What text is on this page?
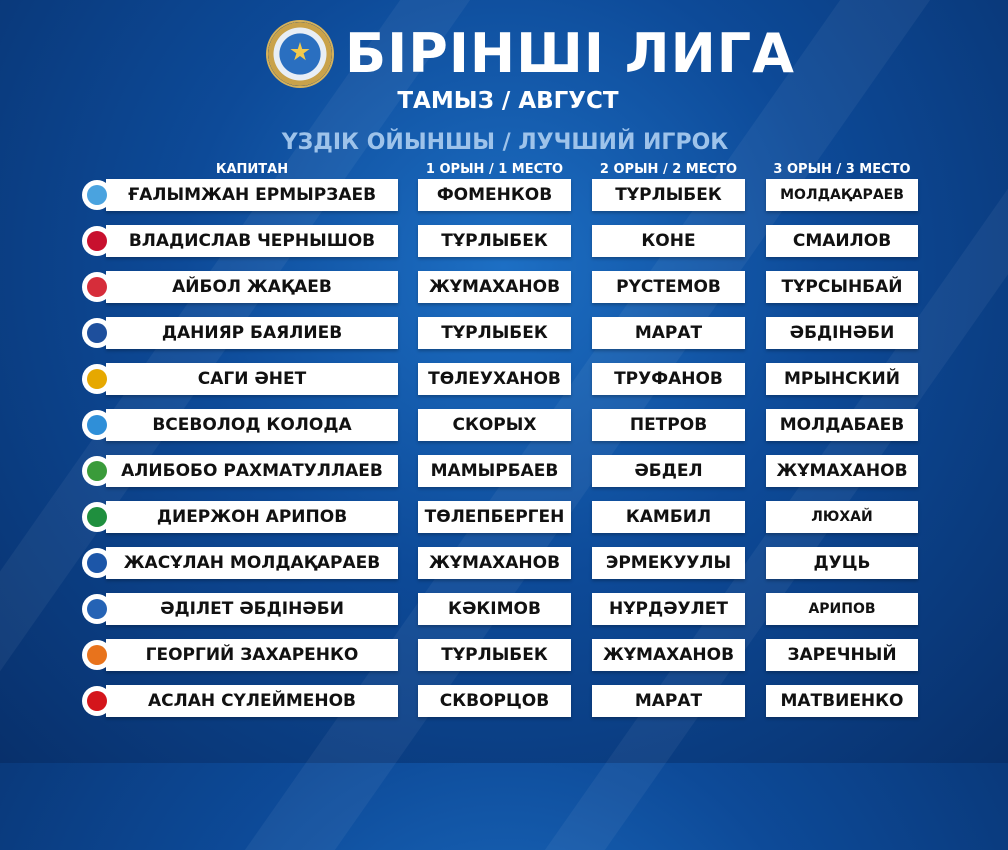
БІРІНШІ ЛИГА
ТАМЫЗ / АВГУСТ
ҮЗДІК ОЙЫНШЫ / ЛУЧШИЙ ИГРОК
КАПИТАН	1 ОРЫН / 1 МЕСТО	2 ОРЫН / 2 МЕСТО	3 ОРЫН / 3 МЕСТО
ҒАЛЫМЖАН ЕРМЫРЗАЕВ	ФОМЕНКОВ	ТҰРЛЫБЕК	МОЛДАҚАРАЕВ
ВЛАДИСЛАВ ЧЕРНЫШОВ	ТҰРЛЫБЕК	КОНЕ	СМАИЛОВ
АЙБОЛ ЖАҚАЕВ	ЖҰМАХАНОВ	РҮСТЕМОВ	ТҰРСЫНБАЙ
ДАНИЯР БАЯЛИЕВ	ТҰРЛЫБЕК	МАРАТ	ӘБДІНӘБИ
САГИ ӘНЕТ	ТӨЛЕУХАНОВ	ТРУФАНОВ	МРЫНСКИЙ
ВСЕВОЛОД КОЛОДА	СКОРЫХ	ПЕТРОВ	МОЛДАБАЕВ
АЛИБОБО РАХМАТУЛЛАЕВ	МАМЫРБАЕВ	ӘБДЕЛ	ЖҰМАХАНОВ
ДИЕРЖОН АРИПОВ	ТӨЛЕПБЕРГЕН	КАМБИЛ	ЛЮХАЙ
ЖАСҰЛАН МОЛДАҚАРАЕВ	ЖҰМАХАНОВ	ЭРМЕКУУЛЫ	ДУЦЬ
ӘДІЛЕТ ӘБДІНӘБИ	КӘКІМОВ	НҰРДӘУЛЕТ	АРИПОВ
ГЕОРГИЙ ЗАХАРЕНКО	ТҰРЛЫБЕК	ЖҰМАХАНОВ	ЗАРЕЧНЫЙ
АСЛАН СҮЛЕЙМЕНОВ	СКВОРЦОВ	МАРАТ	МАТВИЕНКО
